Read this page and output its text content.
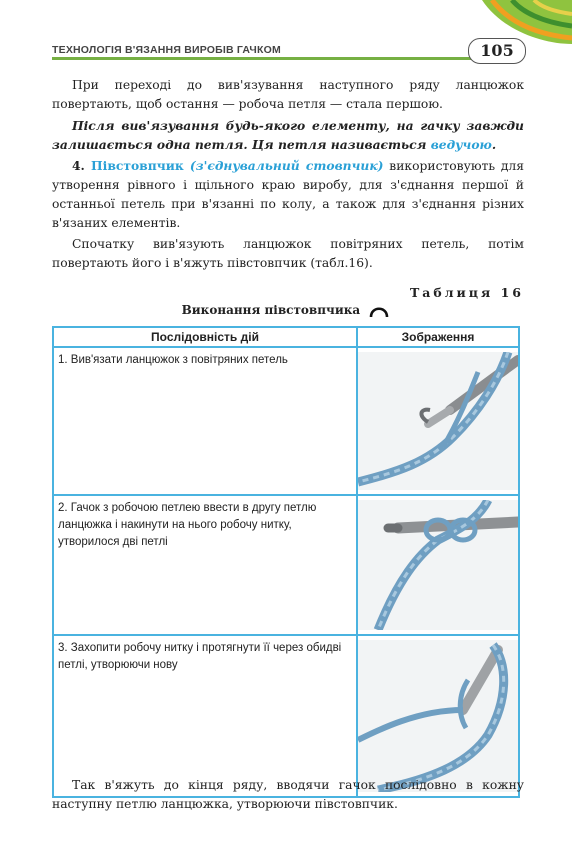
ТЕХНОЛОГІЯ В'ЯЗАННЯ ВИРОБІВ ГАЧКОМ	105

При переході до вив'язування наступного ряду ланцюжок повертають, щоб остання — робоча петля — стала першою.

Після вив'язування будь-якого елементу, на гачку завжди залишається одна петля. Ця петля називається ведучою.

4. Півстовпчик (з'єднувальний стовпчик) використовують для утворення рівного і щільного краю виробу, для з'єднання першої й останньої петель при в'язанні по колу, а також для з'єднання різних в'язаних елементів.

Спочатку вив'язують ланцюжок повітряних петель, потім повертають його і в'яжуть півстовпчик (табл.16).

Таблиця 16
Виконання півстовпчика
Послідовність дій	Зображення
1. Вив'язати ланцюжок з повітряних петель	

2. Гачок з робочою петлею ввести в другу петлю ланцюжка і накинути на нього робочу нитку, утворилося дві петлі	

3. Захопити робочу нитку і протягнути її через обидві петлі, утворюючи нову	

Так в'яжуть до кінця ряду, вводячи гачок послідовно в кожну наступну петлю ланцюжка, утворюючи півстовпчик.
